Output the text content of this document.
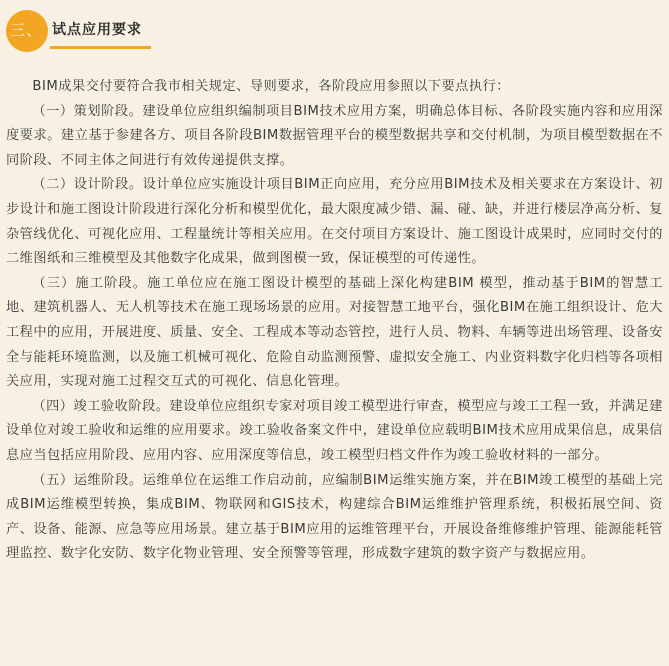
三、 试点应用要求

BIM成果交付要符合我市相关规定、导则要求，各阶段应用参照以下要点执行：

（一）策划阶段。建设单位应组织编制项目BIM技术应用方案，明确总体目标、各阶段实施内容和应用深度要求。建立基于参建各方、项目各阶段BIM数据管理平台的模型数据共享和交付机制，为项目模型数据在不同阶段、不同主体之间进行有效传递提供支撑。

（二）设计阶段。设计单位应实施设计项目BIM正向应用，充分应用BIM技术及相关要求在方案设计、初步设计和施工图设计阶段进行深化分析和模型优化，最大限度减少错、漏、碰、缺，并进行楼层净高分析、复杂管线优化、可视化应用、工程量统计等相关应用。在交付项目方案设计、施工图设计成果时，应同时交付的二维图纸和三维模型及其他数字化成果，做到图模一致，保证模型的可传递性。

（三）施工阶段。施工单位应在施工图设计模型的基础上深化构建BIM 模型，推动基于BIM的智慧工地、建筑机器人、无人机等技术在施工现场场景的应用。对接智慧工地平台，强化BIM在施工组织设计、危大工程中的应用，开展进度、质量、安全、工程成本等动态管控，进行人员、物料、车辆等进出场管理、设备安全与能耗环境监测，以及施工机械可视化、危险自动监测预警、虚拟安全施工、内业资料数字化归档等各项相关应用，实现对施工过程交互式的可视化、信息化管理。

（四）竣工验收阶段。建设单位应组织专家对项目竣工模型进行审查，模型应与竣工工程一致，并满足建设单位对竣工验收和运维的应用要求。竣工验收备案文件中，建设单位应载明BIM技术应用成果信息，成果信息应当包括应用阶段、应用内容、应用深度等信息，竣工模型归档文件作为竣工验收材料的一部分。

（五）运维阶段。运维单位在运维工作启动前，应编制BIM运维实施方案，并在BIM竣工模型的基础上完成BIM运维模型转换，集成BIM、物联网和GIS技术，构建综合BIM运维维护管理系统，积极拓展空间、资产、设备、能源、应急等应用场景。建立基于BIM应用的运维管理平台，开展设备维修维护管理、能源能耗管理监控、数字化安防、数字化物业管理、安全预警等管理，形成数字建筑的数字资产与数据应用。
